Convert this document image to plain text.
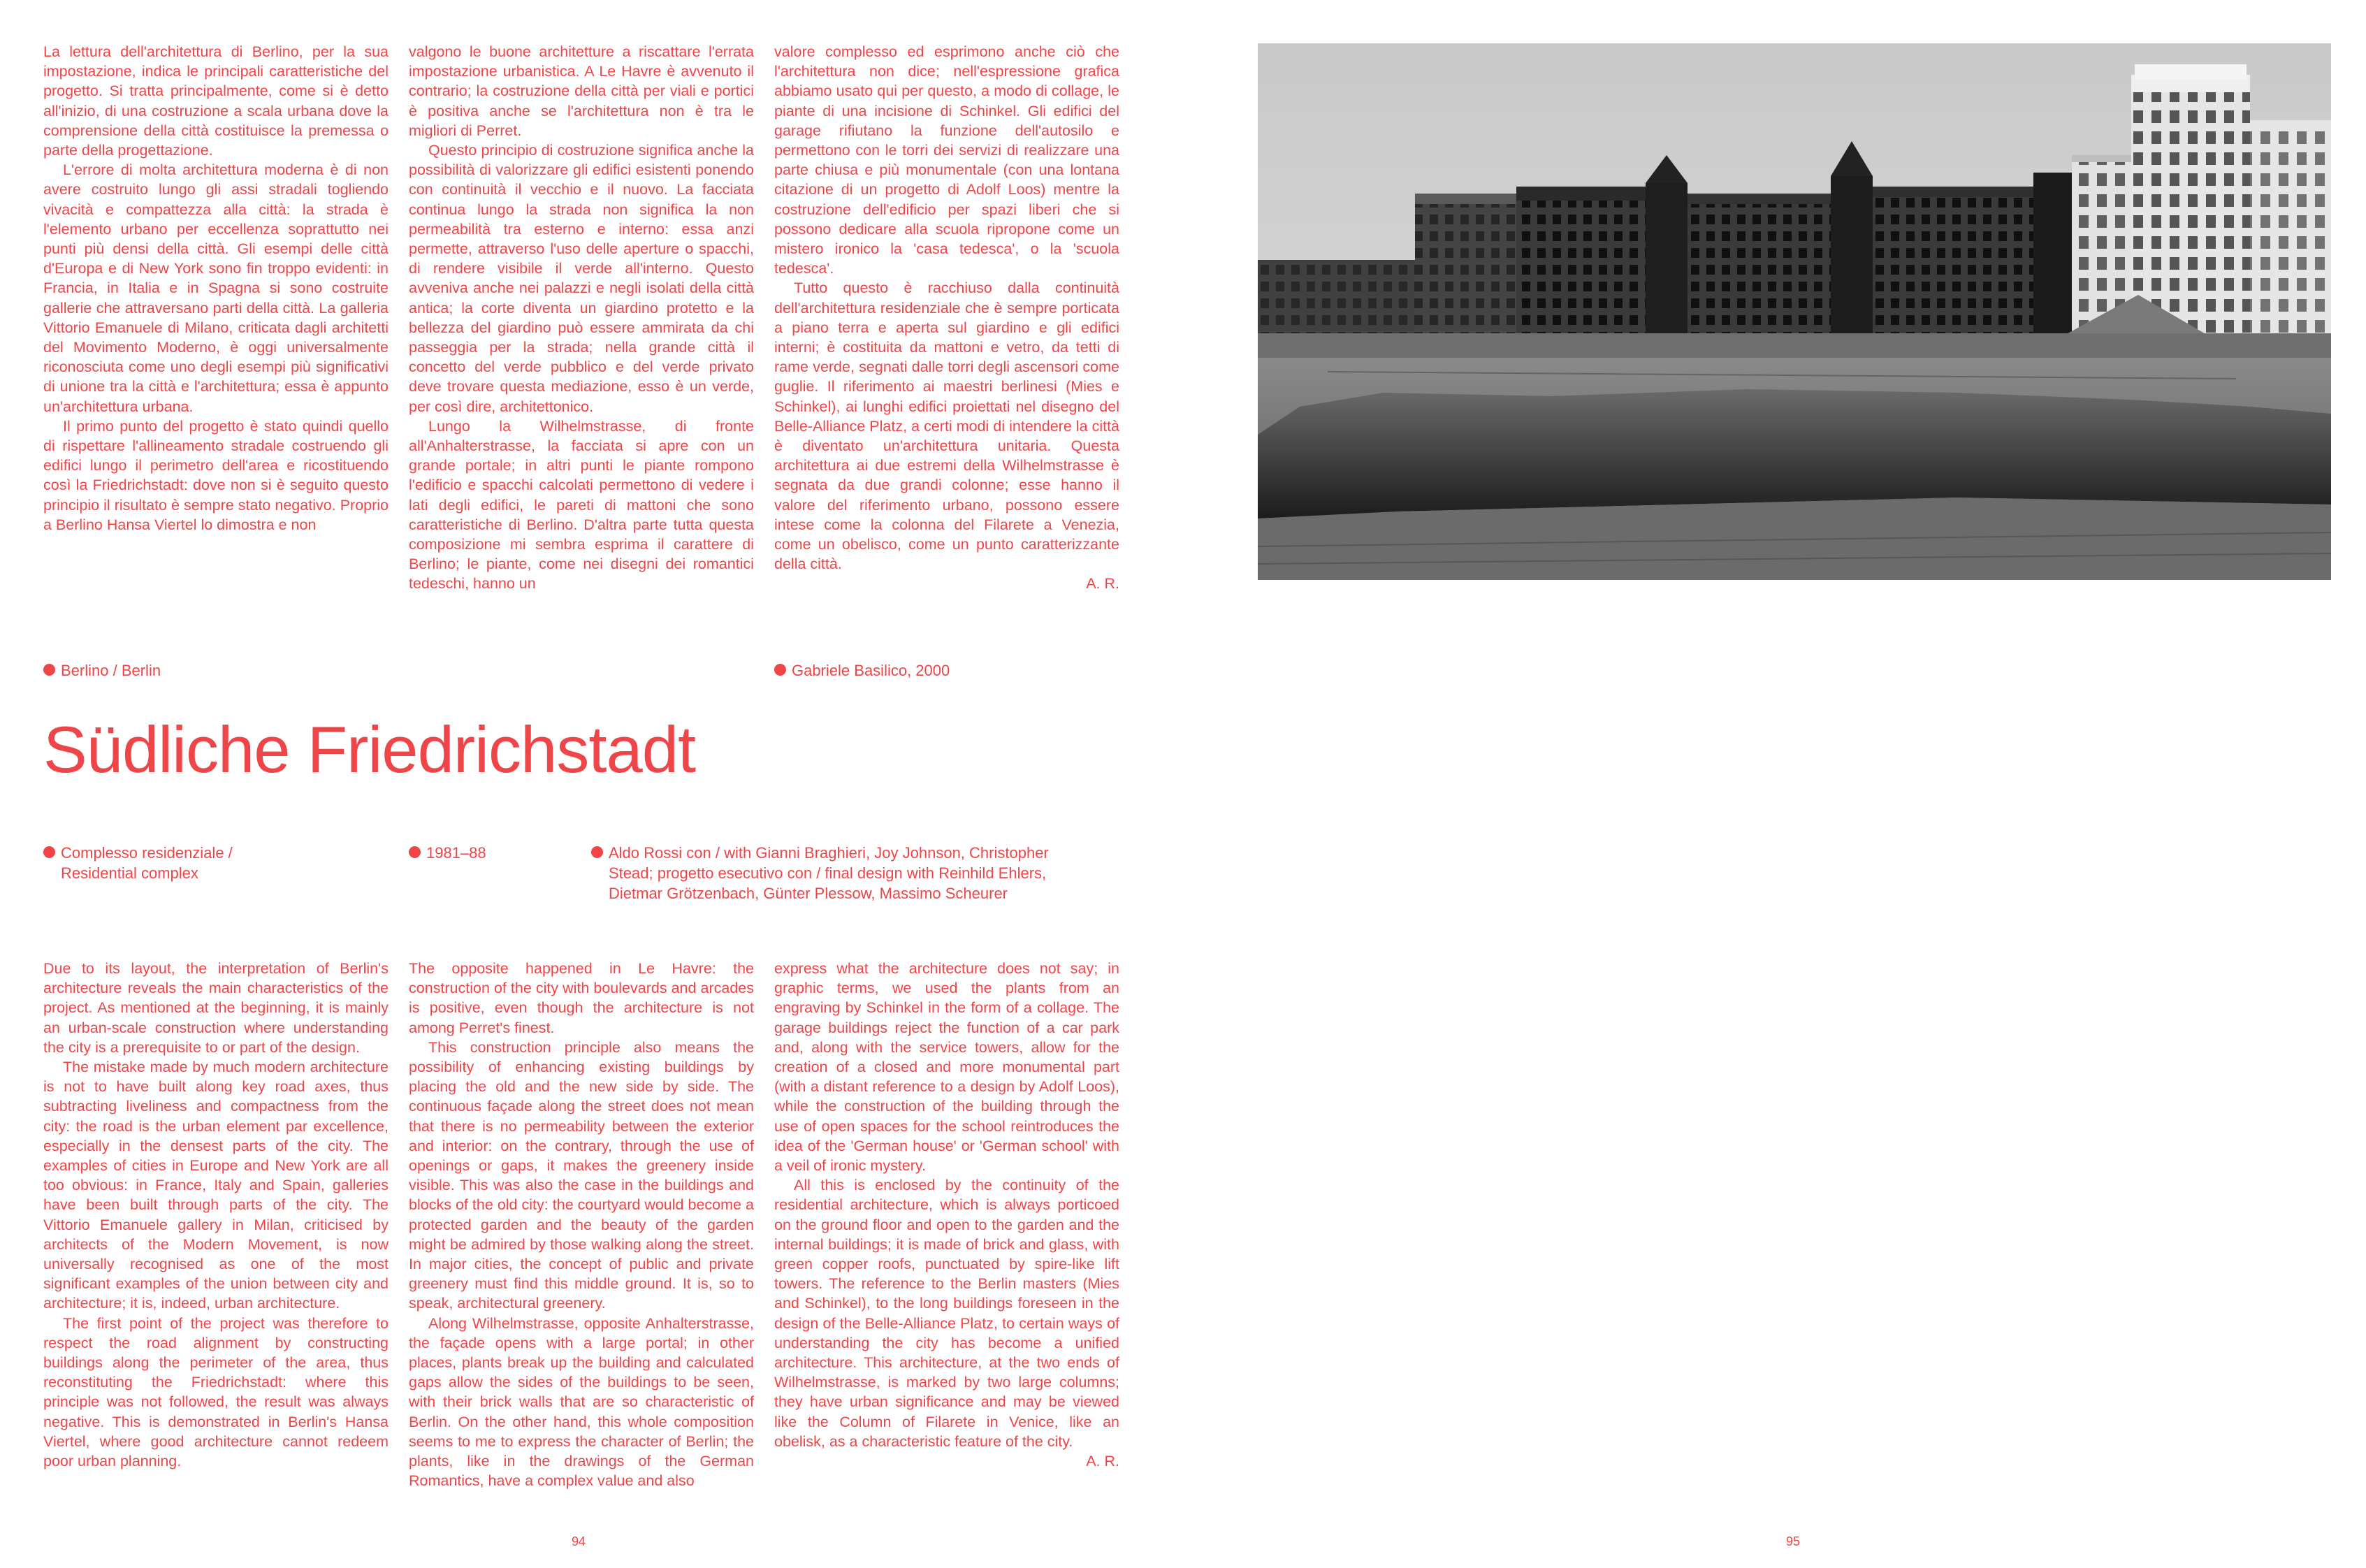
La lettura dell'architettura di Berlino, per la sua impostazione, indica le principali caratteristiche del progetto. Si tratta principalmente, come si è detto all'inizio, di una costruzione a scala urbana dove la comprensione della città costituisce la premessa o parte della progettazione.

L'errore di molta architettura moderna è di non avere costruito lungo gli assi stradali togliendo vivacità e compattezza alla città: la strada è l'elemento urbano per eccellenza soprattutto nei punti più densi della città. Gli esempi delle città d'Europa e di New York sono fin troppo evidenti: in Francia, in Italia e in Spagna si sono costruite gallerie che attraversano parti della città. La galleria Vittorio Emanuele di Milano, criticata dagli architetti del Movimento Moderno, è oggi universalmente riconosciuta come uno degli esempi più significativi di unione tra la città e l'architettura; essa è appunto un'architettura urbana.

Il primo punto del progetto è stato quindi quello di rispettare l'allineamento stradale costruendo gli edifici lungo il perimetro dell'area e ricostituendo così la Friedrichstadt: dove non si è seguito questo principio il risultato è sempre stato negativo. Proprio a Berlino Hansa Viertel lo dimostra e non

valgono le buone architetture a riscattare l'errata impostazione urbanistica. A Le Havre è avvenuto il contrario; la costruzione della città per viali e portici è positiva anche se l'architettura non è tra le migliori di Perret.

Questo principio di costruzione significa anche la possibilità di valorizzare gli edifici esistenti ponendo con continuità il vecchio e il nuovo. La facciata continua lungo la strada non significa la non permeabilità tra esterno e interno: essa anzi permette, attraverso l'uso delle aperture o spacchi, di rendere visibile il verde all'interno. Questo avveniva anche nei palazzi e negli isolati della città antica; la corte diventa un giardino protetto e la bellezza del giardino può essere ammirata da chi passeggia per la strada; nella grande città il concetto del verde pubblico e del verde privato deve trovare questa mediazione, esso è un verde, per così dire, architettonico.

Lungo la Wilhelmstrasse, di fronte all'Anhalterstrasse, la facciata si apre con un grande portale; in altri punti le piante rompono l'edificio e spacchi calcolati permettono di vedere i lati degli edifici, le pareti di mattoni che sono caratteristiche di Berlino. D'altra parte tutta questa composizione mi sembra esprima il carattere di Berlino; le piante, come nei disegni dei romantici tedeschi, hanno un

valore complesso ed esprimono anche ciò che l'architettura non dice; nell'espressione grafica abbiamo usato qui per questo, a modo di collage, le piante di una incisione di Schinkel. Gli edifici del garage rifiutano la funzione dell'autosilo e permettono con le torri dei servizi di realizzare una parte chiusa e più monumentale (con una lontana citazione di un progetto di Adolf Loos) mentre la costruzione dell'edificio per spazi liberi che si possono dedicare alla scuola ripropone come un mistero ironico la 'casa tedesca', o la 'scuola tedesca'.

Tutto questo è racchiuso dalla continuità dell'architettura residenziale che è sempre porticata a piano terra e aperta sul giardino e gli edifici interni; è costituita da mattoni e vetro, da tetti di rame verde, segnati dalle torri degli ascensori come guglie. Il riferimento ai maestri berlinesi (Mies e Schinkel), ai lunghi edifici proiettati nel disegno del Belle-Alliance Platz, a certi modi di intendere la città è diventato un'architettura unitaria. Questa architettura ai due estremi della Wilhelmstrasse è segnata da due grandi colonne; esse hanno il valore del riferimento urbano, possono essere intese come la colonna del Filarete a Venezia, come un obelisco, come un punto caratterizzante della città.

A. R.
Berlino / Berlin	Gabriele Basilico, 2000
Südliche Friedrichstadt
Complesso residenziale /
Residential complex
1981–88	Aldo Rossi con / with Gianni Braghieri, Joy Johnson, Christopher
Stead; progetto esecutivo con / final design with Reinhild Ehlers,
Dietmar Grötzenbach, Günter Plessow, Massimo Scheurer

Due to its layout, the interpretation of Berlin's architecture reveals the main characteristics of the project. As mentioned at the beginning, it is mainly an urban-scale construction where understanding the city is a prerequisite to or part of the design.

The mistake made by much modern architecture is not to have built along key road axes, thus subtracting liveliness and compactness from the city: the road is the urban element par excellence, especially in the densest parts of the city. The examples of cities in Europe and New York are all too obvious: in France, Italy and Spain, galleries have been built through parts of the city. The Vittorio Emanuele gallery in Milan, criticised by architects of the Modern Movement, is now universally recognised as one of the most significant examples of the union between city and architecture; it is, indeed, urban architecture.

The first point of the project was therefore to respect the road alignment by constructing buildings along the perimeter of the area, thus reconstituting the Friedrichstadt: where this principle was not followed, the result was always negative. This is demonstrated in Berlin's Hansa Viertel, where good architecture cannot redeem poor urban planning.

The opposite happened in Le Havre: the construction of the city with boulevards and arcades is positive, even though the architecture is not among Perret's finest.

This construction principle also means the possibility of enhancing existing buildings by placing the old and the new side by side. The continuous façade along the street does not mean that there is no permeability between the exterior and interior: on the contrary, through the use of openings or gaps, it makes the greenery inside visible. This was also the case in the buildings and blocks of the old city: the courtyard would become a protected garden and the beauty of the garden might be admired by those walking along the street. In major cities, the concept of public and private greenery must find this middle ground. It is, so to speak, architectural greenery.

Along Wilhelmstrasse, opposite Anhalterstrasse, the façade opens with a large portal; in other places, plants break up the building and calculated gaps allow the sides of the buildings to be seen, with their brick walls that are so characteristic of Berlin. On the other hand, this whole composition seems to me to express the character of Berlin; the plants, like in the drawings of the German Romantics, have a complex value and also

express what the architecture does not say; in graphic terms, we used the plants from an engraving by Schinkel in the form of a collage. The garage buildings reject the function of a car park and, along with the service towers, allow for the creation of a closed and more monumental part (with a distant reference to a design by Adolf Loos), while the construction of the building through the use of open spaces for the school reintroduces the idea of the 'German house' or 'German school' with a veil of ironic mystery.

All this is enclosed by the continuity of the residential architecture, which is always porticoed on the ground floor and open to the garden and the internal buildings; it is made of brick and glass, with green copper roofs, punctuated by spire-like lift towers. The reference to the Berlin masters (Mies and Schinkel), to the long buildings foreseen in the design of the Belle-Alliance Platz, to certain ways of understanding the city has become a unified architecture. This architecture, at the two ends of Wilhelmstrasse, is marked by two large columns; they have urban significance and may be viewed like the Column of Filarete in Venice, like an obelisk, as a characteristic feature of the city.

A. R.
94	95
